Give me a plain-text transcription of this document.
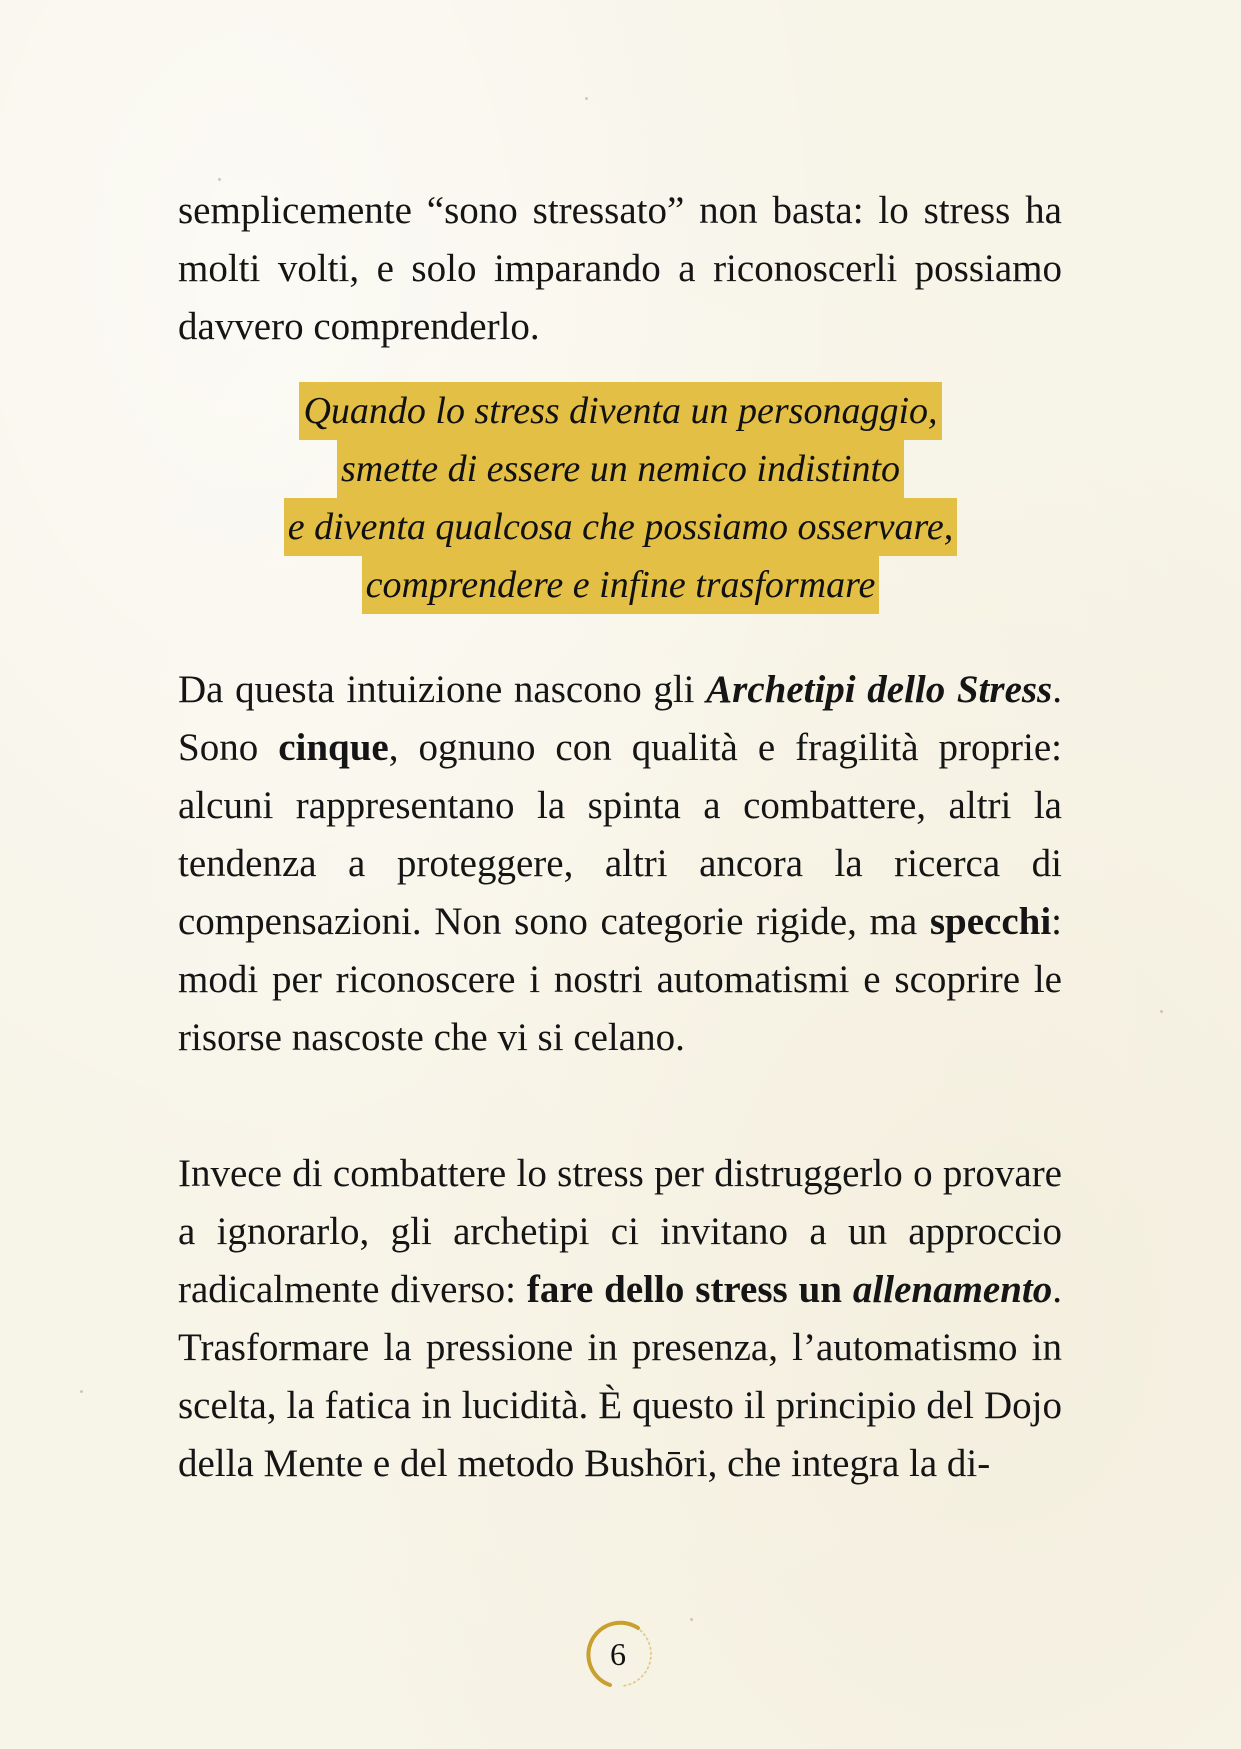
semplicemente “sono stressato” non basta: lo stress ha molti volti, e solo imparando a riconoscerli possiamo davvero comprenderlo.

Quando lo stress diventa un personaggio,
smette di essere un nemico indistinto
e diventa qualcosa che possiamo osservare,
comprendere e infine trasformare

Da questa intuizione nascono gli Archetipi dello Stress. Sono cinque, ognuno con qualità e fragilità proprie: alcuni rappresentano la spinta a combattere, altri la tendenza a proteggere, altri ancora la ricerca di compensazioni. Non sono categorie rigide, ma specchi: modi per riconoscere i nostri automatismi e scoprire le risorse nascoste che vi si celano.

Invece di combattere lo stress per distruggerlo o provare a ignorarlo, gli archetipi ci invitano a un approccio radicalmente diverso: fare dello stress un allenamento. Trasformare la pressione in presenza, l’automatismo in scelta, la fatica in lucidità. È questo il principio del Dojo della Mente e del metodo Bushōri, che integra la di-

6
